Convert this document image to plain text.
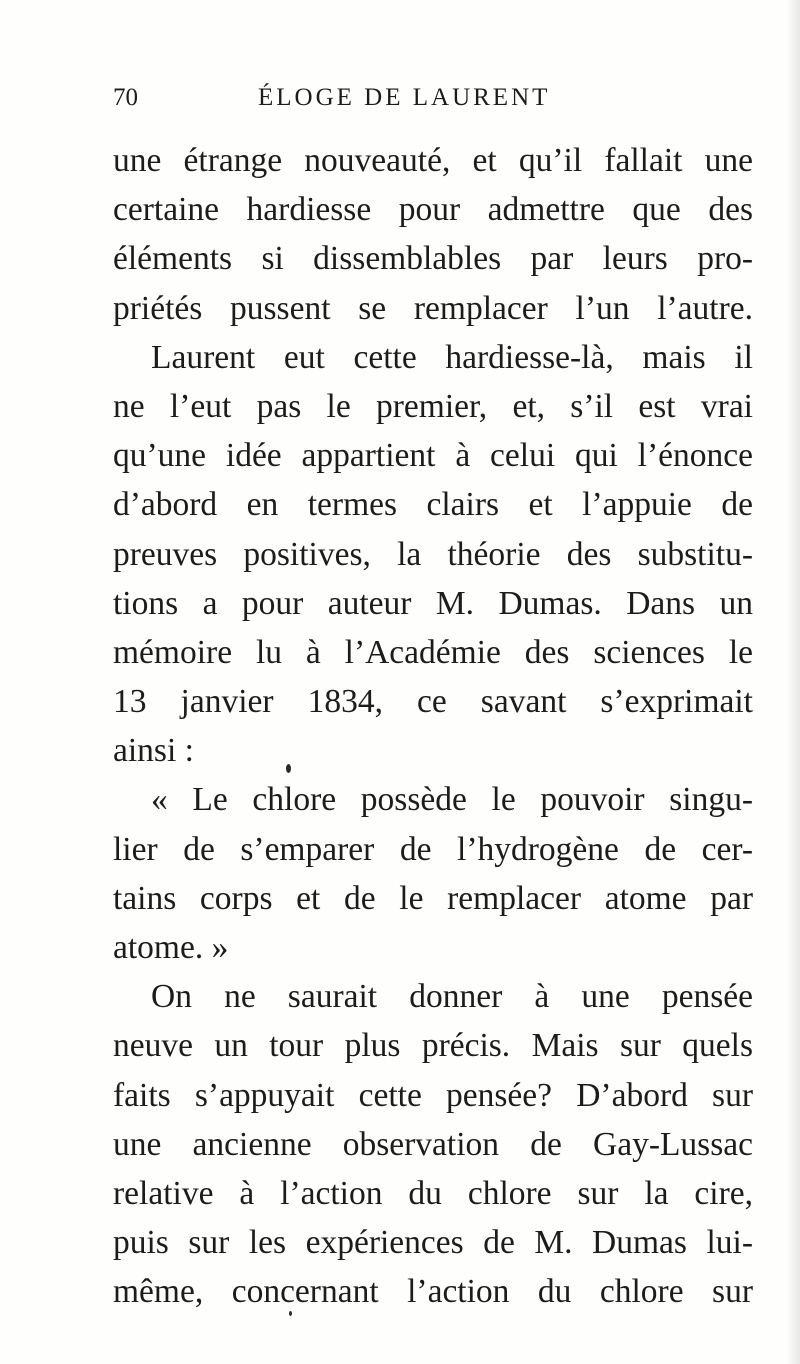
70	ÉLOGE DE LAURENT
une étrange nouveauté, et qu’il fallait une
certaine hardiesse pour admettre que des
éléments si dissemblables par leurs pro-
priétés pussent se remplacer l’un l’autre.
Laurent eut cette hardiesse-là, mais il
ne l’eut pas le premier, et, s’il est vrai
qu’une idée appartient à celui qui l’énonce
d’abord en termes clairs et l’appuie de
preuves positives, la théorie des substitu-
tions a pour auteur M. Dumas. Dans un
mémoire lu à l’Académie des sciences le
13 janvier 1834, ce savant s’exprimait
ainsi :
« Le chlore possède le pouvoir singu-
lier de s’emparer de l’hydrogène de cer-
tains corps et de le remplacer atome par
atome. »
On ne saurait donner à une pensée
neuve un tour plus précis. Mais sur quels
faits s’appuyait cette pensée? D’abord sur
une ancienne observation de Gay-Lussac
relative à l’action du chlore sur la cire,
puis sur les expériences de M. Dumas lui-
même, concernant l’action du chlore sur
